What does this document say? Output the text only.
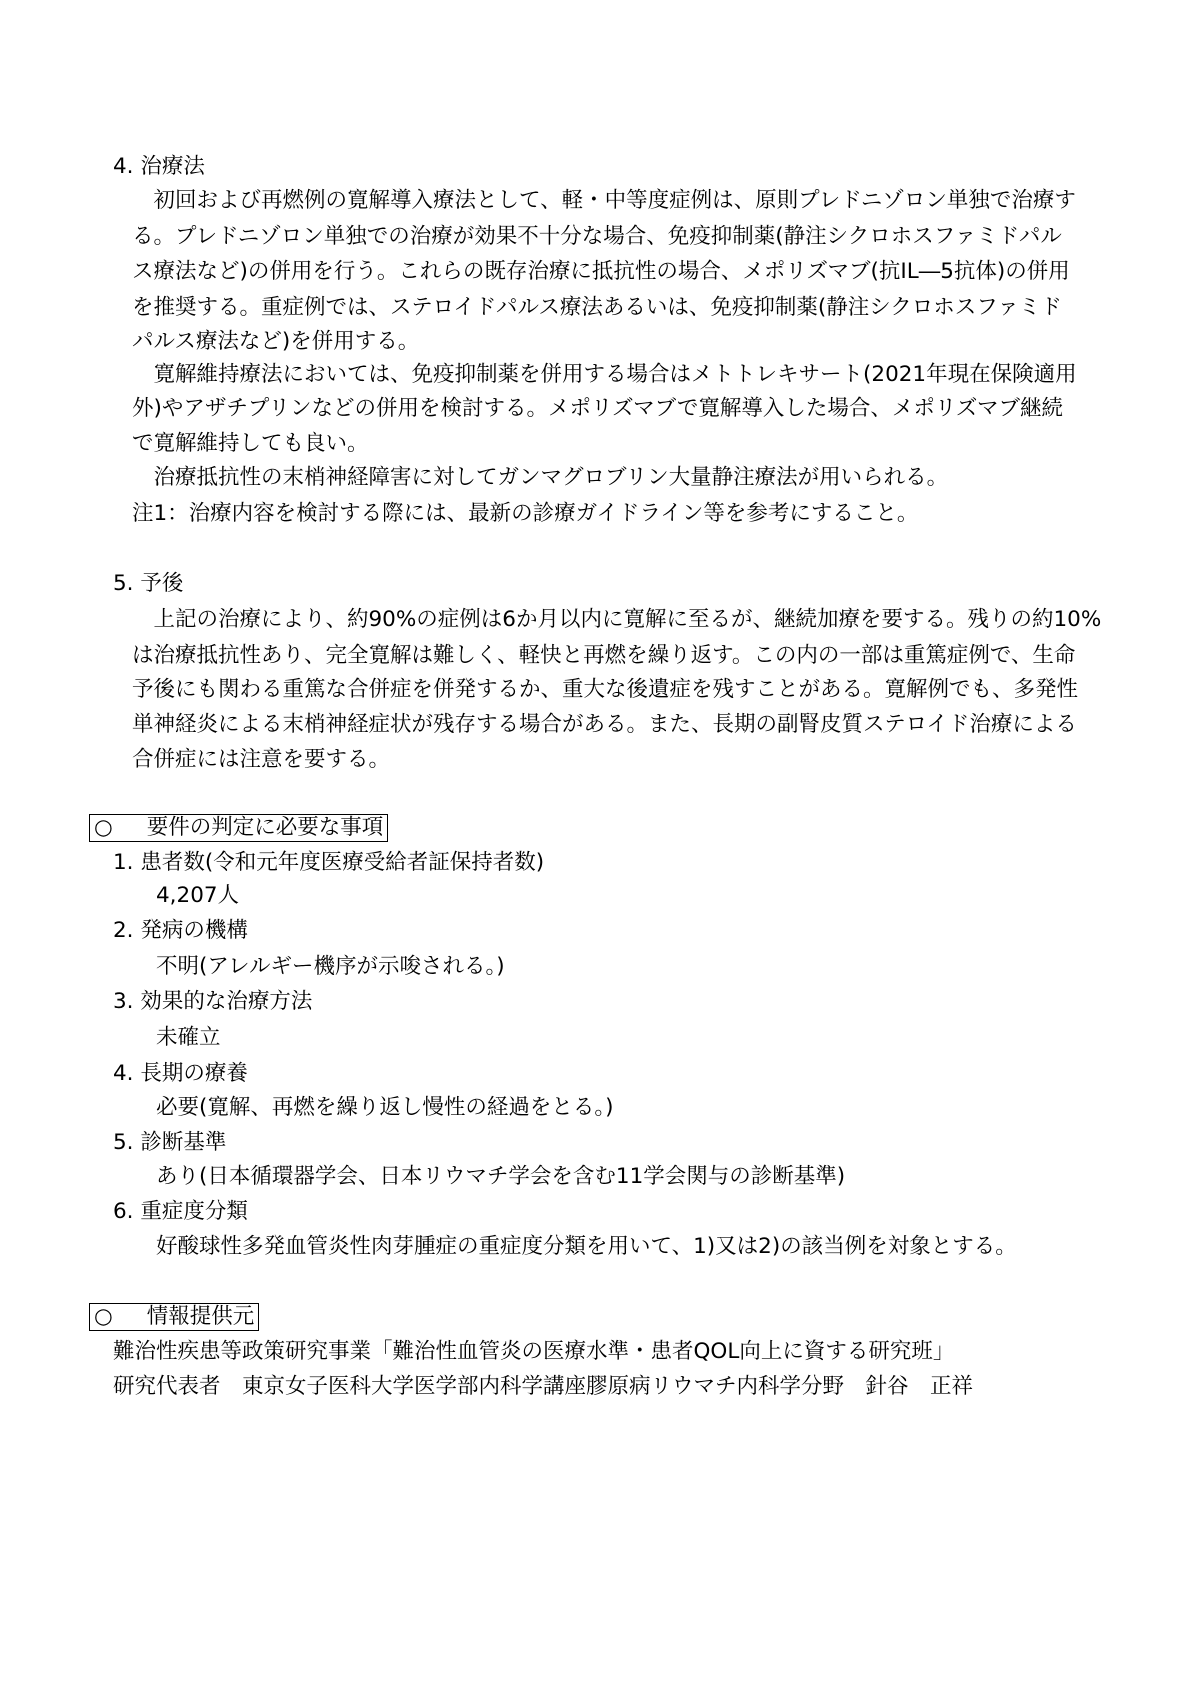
4. 治療法
　初回および再燃例の寛解導入療法として、軽・中等度症例は、原則プレドニゾロン単独で治療す
る。プレドニゾロン単独での治療が効果不十分な場合、免疫抑制薬(静注シクロホスファミドパル
ス療法など)の併用を行う。これらの既存治療に抵抗性の場合、メポリズマブ(抗IL―5抗体)の併用
を推奨する。重症例では、ステロイドパルス療法あるいは、免疫抑制薬(静注シクロホスファミド
パルス療法など)を併用する。
　寛解維持療法においては、免疫抑制薬を併用する場合はメトトレキサート(2021年現在保険適用
外)やアザチプリンなどの併用を検討する。メポリズマブで寛解導入した場合、メポリズマブ継続
で寛解維持しても良い。
　治療抵抗性の末梢神経障害に対してガンマグロブリン大量静注療法が用いられる。
注1：治療内容を検討する際には、最新の診療ガイドライン等を参考にすること。
5. 予後
　上記の治療により、約90%の症例は6か月以内に寛解に至るが、継続加療を要する。残りの約10%
は治療抵抗性あり、完全寛解は難しく、軽快と再燃を繰り返す。この内の一部は重篤症例で、生命
予後にも関わる重篤な合併症を併発するか、重大な後遺症を残すことがある。寛解例でも、多発性
単神経炎による末梢神経症状が残存する場合がある。また、長期の副腎皮質ステロイド治療による
合併症には注意を要する。
○ 要件の判定に必要な事項
1. 患者数(令和元年度医療受給者証保持者数)
4,207人
2. 発病の機構
不明(アレルギー機序が示唆される。)
3. 効果的な治療方法
未確立
4. 長期の療養
必要(寛解、再燃を繰り返し慢性の経過をとる。)
5. 診断基準
あり(日本循環器学会、日本リウマチ学会を含む11学会関与の診断基準)
6. 重症度分類
好酸球性多発血管炎性肉芽腫症の重症度分類を用いて、1)又は2)の該当例を対象とする。
○ 情報提供元
難治性疾患等政策研究事業「難治性血管炎の医療水準・患者QOL向上に資する研究班」
研究代表者　東京女子医科大学医学部内科学講座膠原病リウマチ内科学分野　針谷　正祥
